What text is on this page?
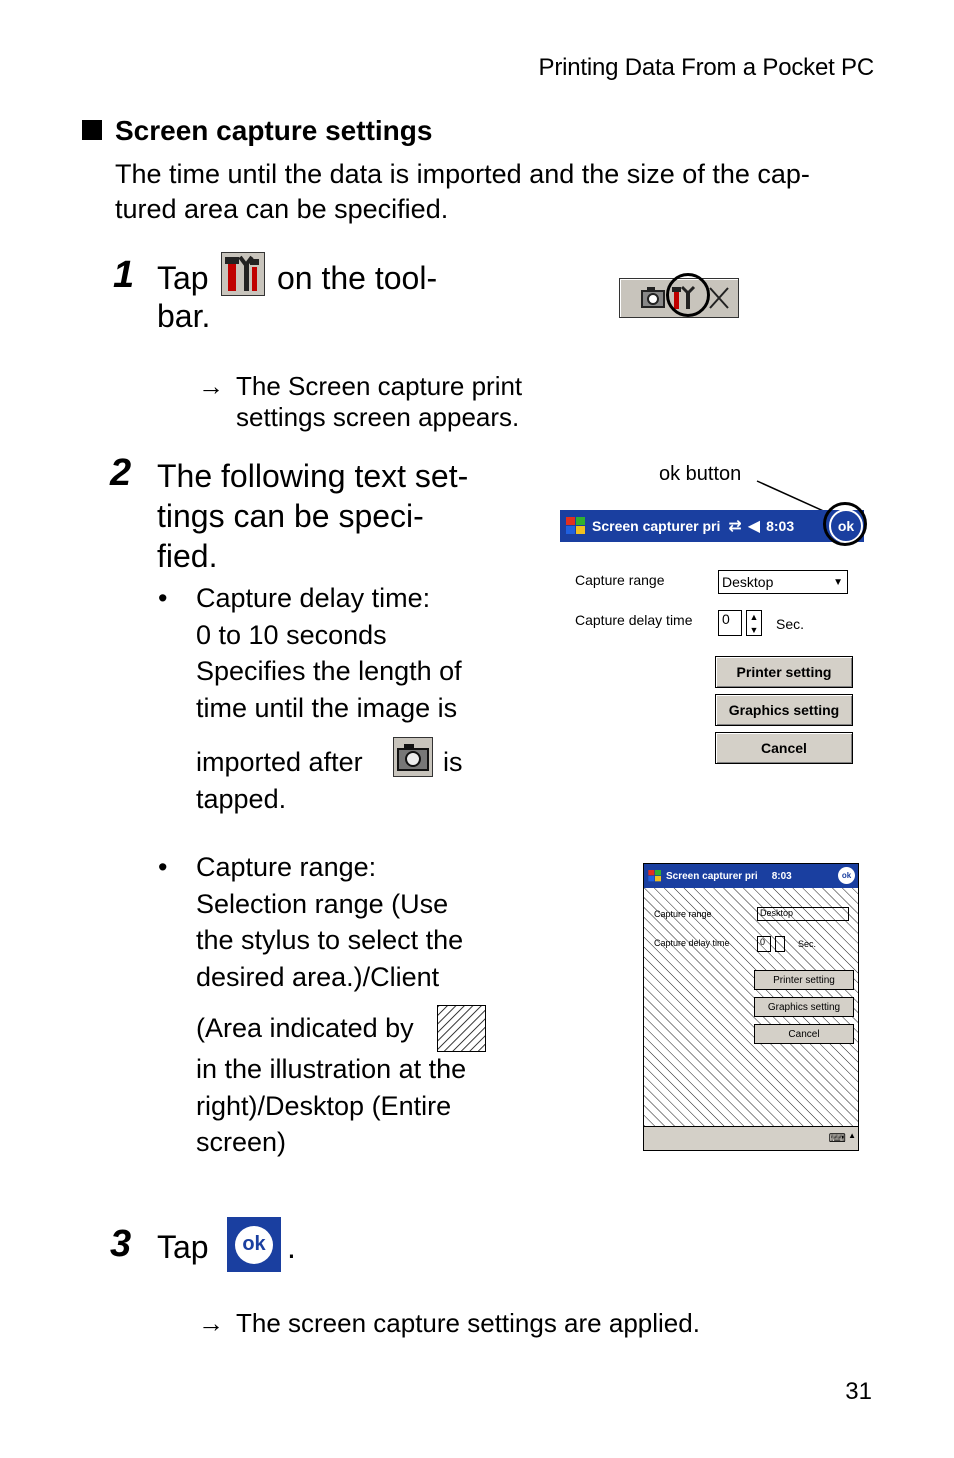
Printing Data From a Pocket PC
Screen capture settings
The time until the data is imported and the size of the cap-
tured area can be specified.
1 Tap on the tool-
bar.
→ The Screen capture print
settings screen appears.
2 The following text set-
tings can be speci-
fied.
• Capture delay time:
0 to 10 seconds
Specifies the length of
time until the image is
imported after	is
tapped.
• Capture range:
Selection range (Use
the stylus to select the
desired area.)/Client
(Area indicated by
in the illustration at the
right)/Desktop (Entire
screen)
ok button
Screen capturer pri ⇄ ◀ 8:03	ok
Capture range	Desktop	▼
Capture delay time 0	▲
▼ Sec.
Printer setting
Graphics setting
Cancel
Screen capturer pri 8:03	ok
Capture range	Desktop
Capture delay time	0	Sec.
Printer setting
Graphics setting
Cancel
⌨ ▲
3 Tap	ok .
→ The screen capture settings are applied.
31
